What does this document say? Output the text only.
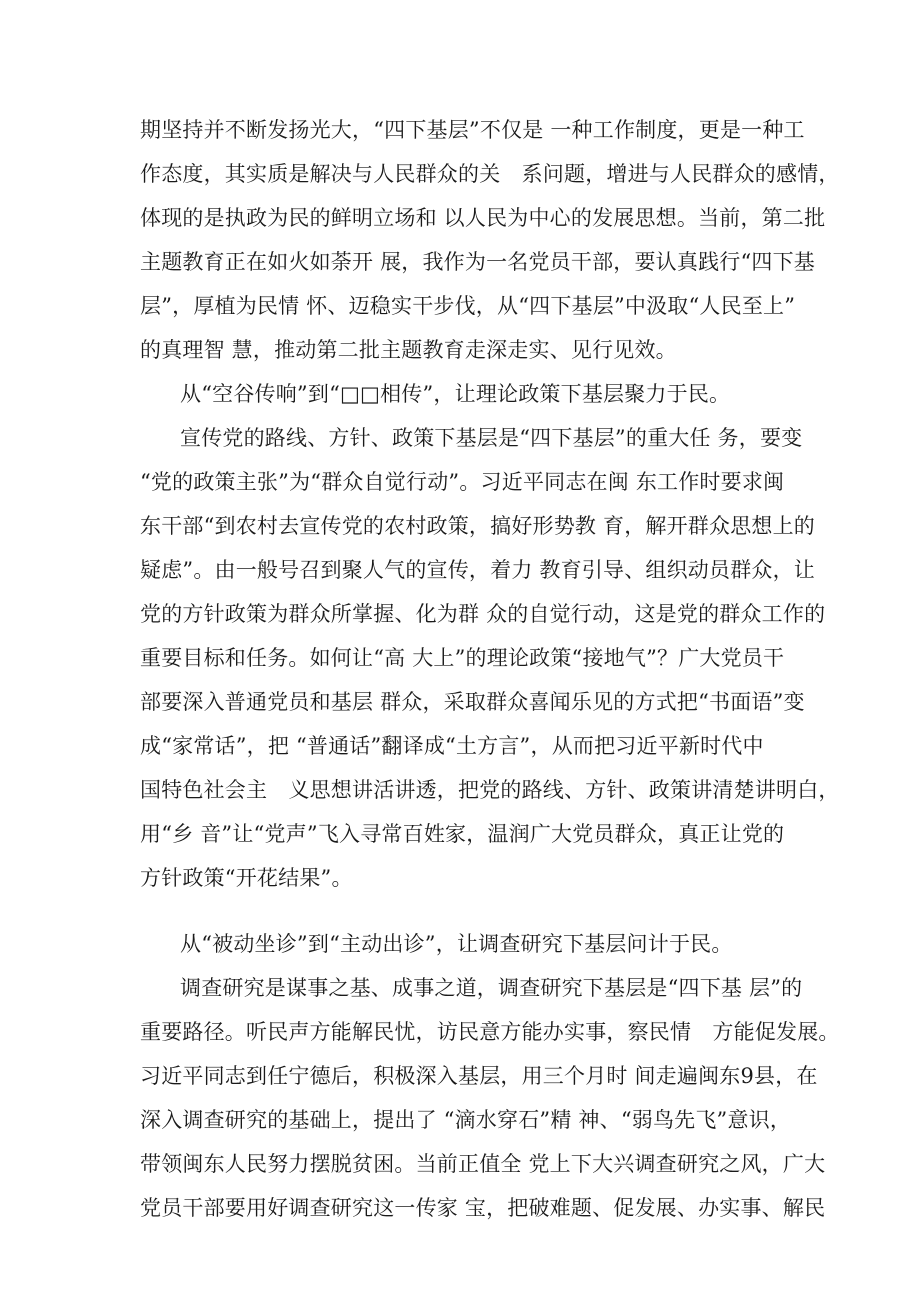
期坚持并不断发扬光大，“四下基层”不仅是 一种工作制度，更是一种工
作态度，其实质是解决与人民群众的关　系问题，增进与人民群众的感情，
体现的是执政为民的鲜明立场和 以人民为中心的发展思想。当前，第二批
主题教育正在如火如荼开 展，我作为一名党员干部，要认真践行“四下基
层”，厚植为民情 怀、迈稳实干步伐，从“四下基层”中汲取“人民至上”
的真理智 慧，推动第二批主题教育走深走实、见行见效。
从“空谷传响”到“□□相传”，让理论政策下基层聚力于民。
宣传党的路线、方针、政策下基层是“四下基层”的重大任 务，要变
“党的政策主张”为“群众自觉行动”。习近平同志在闽 东工作时要求闽
东干部“到农村去宣传党的农村政策，搞好形势教 育，解开群众思想上的
疑虑”。由一般号召到聚人气的宣传，着力 教育引导、组织动员群众，让
党的方针政策为群众所掌握、化为群 众的自觉行动，这是党的群众工作的
重要目标和任务。如何让“高 大上”的理论政策“接地气”？广大党员干
部要深入普通党员和基层 群众，采取群众喜闻乐见的方式把“书面语”变
成“家常话”，把 “普通话”翻译成“土方言”，从而把习近平新时代中
国特色社会主　义思想讲活讲透，把党的路线、方针、政策讲清楚讲明白，
用“乡 音”让“党声”飞入寻常百姓家，温润广大党员群众，真正让党的
方针政策“开花结果”。
从“被动坐诊”到“主动出诊”，让调查研究下基层问计于民。
调查研究是谋事之基、成事之道，调查研究下基层是“四下基 层”的
重要路径。听民声方能解民忧，访民意方能办实事，察民情　方能促发展。
习近平同志到任宁德后，积极深入基层，用三个月时 间走遍闽东9县，在
深入调查研究的基础上，提出了 “滴水穿石”精 神、“弱鸟先飞”意识，
带领闽东人民努力摆脱贫困。当前正值全 党上下大兴调查研究之风，广大
党员干部要用好调查研究这一传家 宝，把破难题、促发展、办实事、解民
